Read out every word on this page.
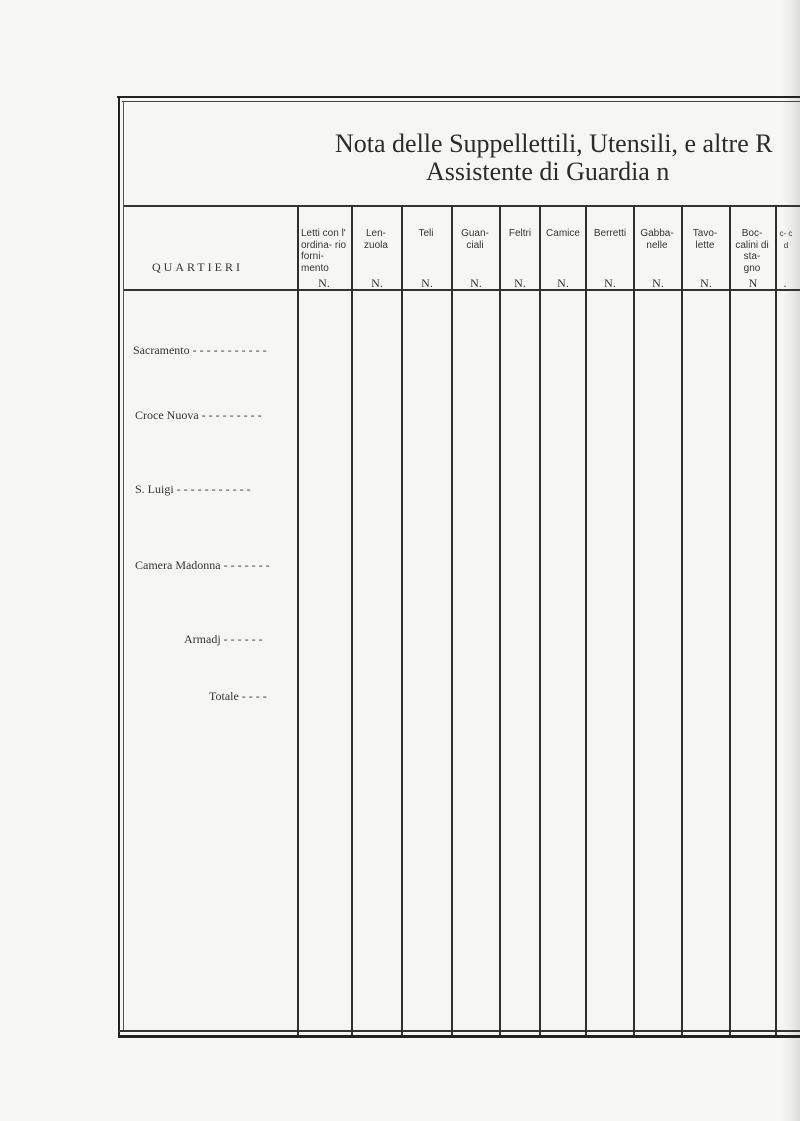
Nota delle Suppellettili, Utensili, e altre R
Assistente di Guardia n
QUARTIERI
Letti con l' ordina- rio forni- mento
N.
Len- zuola
N.
Teli
N.
Guan- ciali
N.
Feltri
N.
Camice
N.
Berretti
N.
Gabba- nelle
N.
Tavo- lette
N.
Boc- calini di sta- gno
N
c- c d
.
Sacramento - - - - - - - - - - -
Croce Nuova - - - - - - - - -
S. Luigi - - - - - - - - - - -
Camera Madonna - - - - - - -
Armadj - - - - - -
Totale - - - -
